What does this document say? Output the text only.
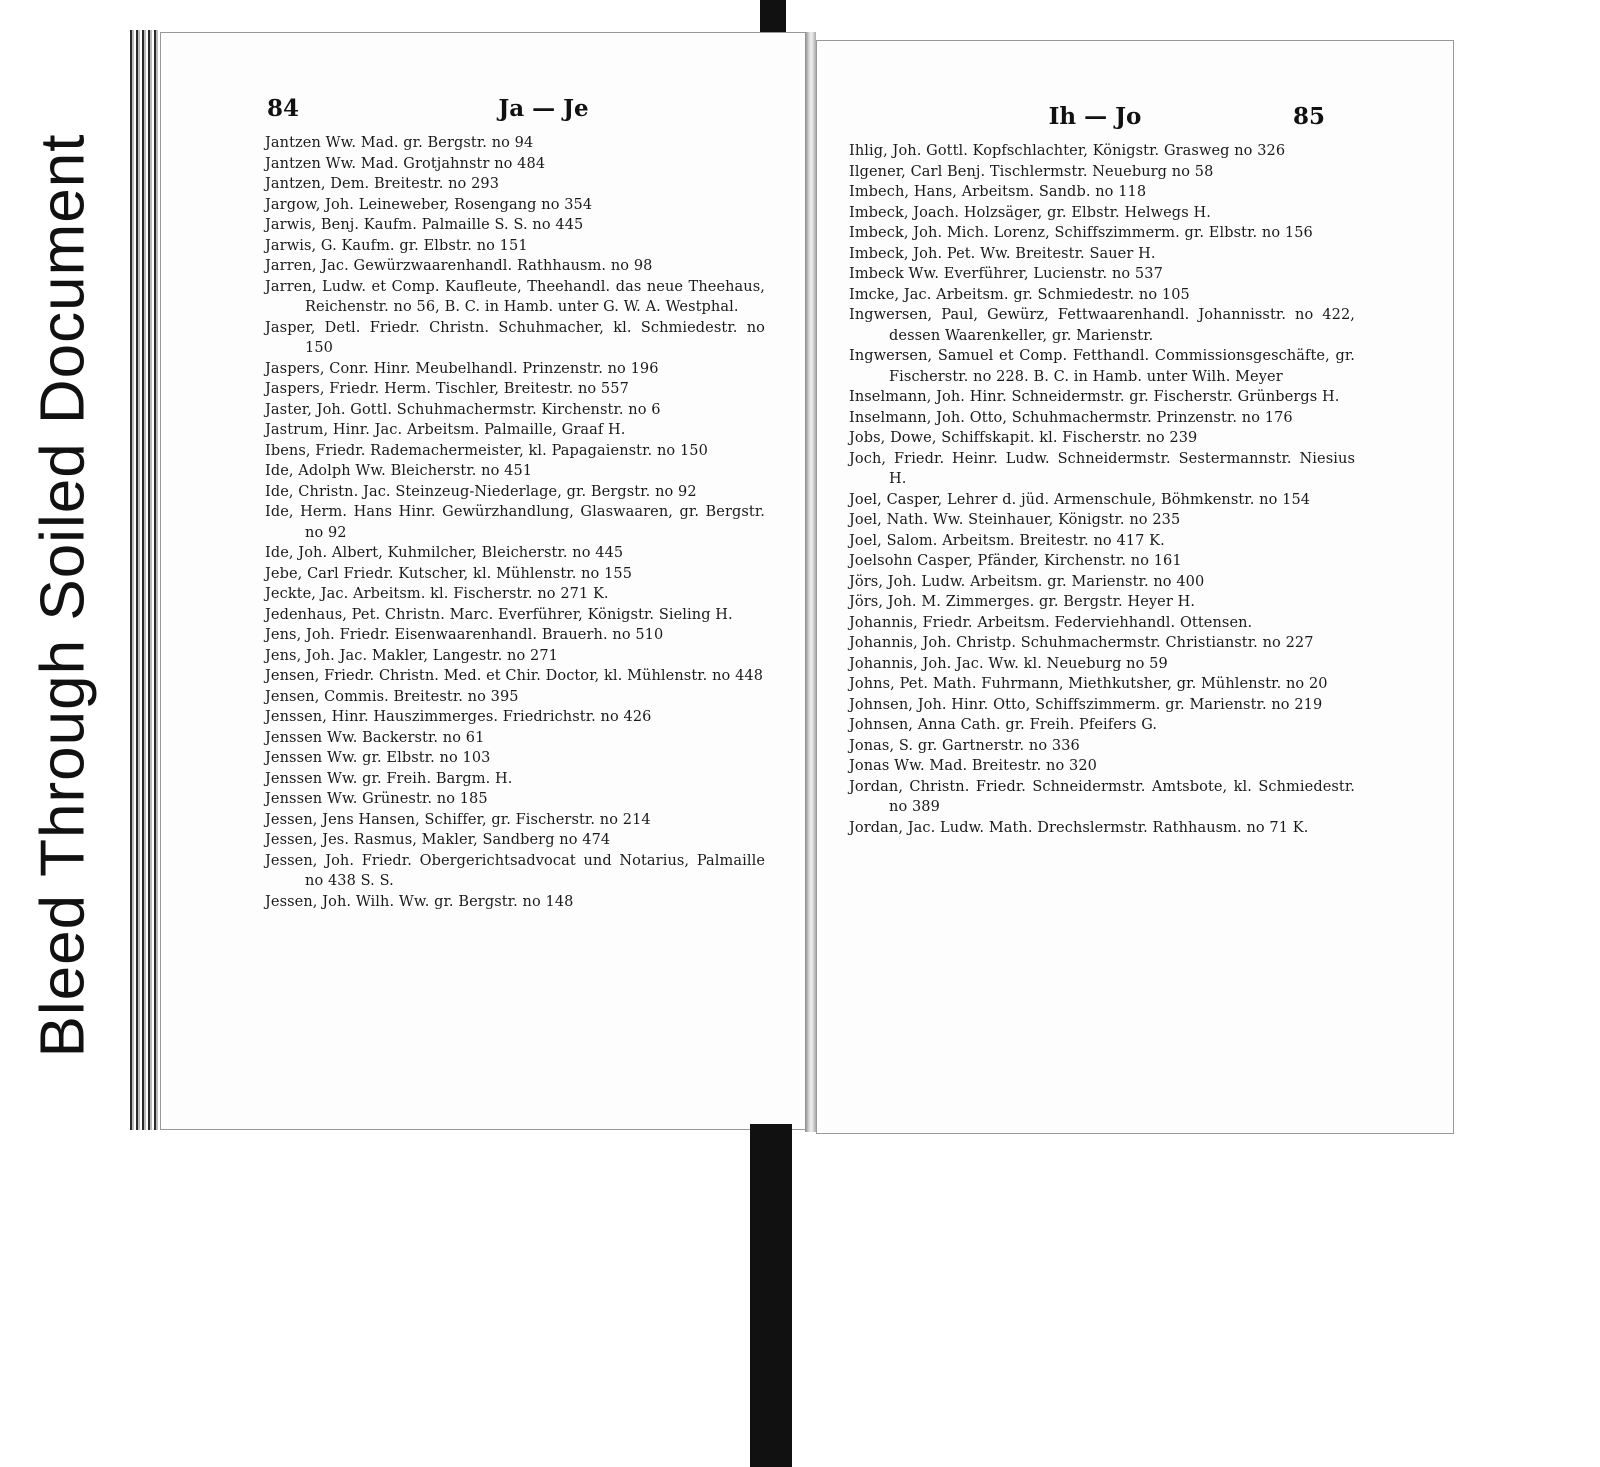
Bleed Through Soiled Document
84	Ja — Je
Jantzen Ww. Mad. gr. Bergstr. no 94
Jantzen Ww. Mad. Grotjahnstr no 484
Jantzen, Dem. Breitestr. no 293
Jargow, Joh. Leineweber, Rosengang no 354
Jarwis, Benj. Kaufm. Palmaille S. S. no 445
Jarwis, G. Kaufm. gr. Elbstr. no 151
Jarren, Jac. Gewürzwaarenhandl. Rathhausm. no 98
Jarren, Ludw. et Comp. Kaufleute, Theehandl. das neue Theehaus, Reichenstr. no 56, B. C. in Hamb. unter G. W. A. Westphal.
Jasper, Detl. Friedr. Christn. Schuhmacher, kl. Schmiedestr. no 150
Jaspers, Conr. Hinr. Meubelhandl. Prinzenstr. no 196
Jaspers, Friedr. Herm. Tischler, Breitestr. no 557
Jaster, Joh. Gottl. Schuhmachermstr. Kirchenstr. no 6
Jastrum, Hinr. Jac. Arbeitsm. Palmaille, Graaf H.
Ibens, Friedr. Rademachermeister, kl. Papagaienstr. no 150
Ide, Adolph Ww. Bleicherstr. no 451
Ide, Christn. Jac. Steinzeug-Niederlage, gr. Bergstr. no 92
Ide, Herm. Hans Hinr. Gewürzhandlung, Glaswaaren, gr. Bergstr. no 92
Ide, Joh. Albert, Kuhmilcher, Bleicherstr. no 445
Jebe, Carl Friedr. Kutscher, kl. Mühlenstr. no 155
Jeckte, Jac. Arbeitsm. kl. Fischerstr. no 271 K.
Jedenhaus, Pet. Christn. Marc. Everführer, Königstr. Sieling H.
Jens, Joh. Friedr. Eisenwaarenhandl. Brauerh. no 510
Jens, Joh. Jac. Makler, Langestr. no 271
Jensen, Friedr. Christn. Med. et Chir. Doctor, kl. Mühlenstr. no 448
Jensen, Commis. Breitestr. no 395
Jenssen, Hinr. Hauszimmerges. Friedrichstr. no 426
Jenssen Ww. Backerstr. no 61
Jenssen Ww. gr. Elbstr. no 103
Jenssen Ww. gr. Freih. Bargm. H.
Jenssen Ww. Grünestr. no 185
Jessen, Jens Hansen, Schiffer, gr. Fischerstr. no 214
Jessen, Jes. Rasmus, Makler, Sandberg no 474
Jessen, Joh. Friedr. Obergerichtsadvocat und Notarius, Palmaille no 438 S. S.
Jessen, Joh. Wilh. Ww. gr. Bergstr. no 148
Ih — Jo	85
Ihlig, Joh. Gottl. Kopfschlachter, Königstr. Grasweg no 326
Ilgener, Carl Benj. Tischlermstr. Neueburg no 58
Imbech, Hans, Arbeitsm. Sandb. no 118
Imbeck, Joach. Holzsäger, gr. Elbstr. Helwegs H.
Imbeck, Joh. Mich. Lorenz, Schiffszimmerm. gr. Elbstr. no 156
Imbeck, Joh. Pet. Ww. Breitestr. Sauer H.
Imbeck Ww. Everführer, Lucienstr. no 537
Imcke, Jac. Arbeitsm. gr. Schmiedestr. no 105
Ingwersen, Paul, Gewürz, Fettwaarenhandl. Johannisstr. no 422, dessen Waarenkeller, gr. Marienstr.
Ingwersen, Samuel et Comp. Fetthandl. Commissionsgeschäfte, gr. Fischerstr. no 228. B. C. in Hamb. unter Wilh. Meyer
Inselmann, Joh. Hinr. Schneidermstr. gr. Fischerstr. Grünbergs H.
Inselmann, Joh. Otto, Schuhmachermstr. Prinzenstr. no 176
Jobs, Dowe, Schiffskapit. kl. Fischerstr. no 239
Joch, Friedr. Heinr. Ludw. Schneidermstr. Sestermannstr. Niesius H.
Joel, Casper, Lehrer d. jüd. Armenschule, Böhmkenstr. no 154
Joel, Nath. Ww. Steinhauer, Königstr. no 235
Joel, Salom. Arbeitsm. Breitestr. no 417 K.
Joelsohn Casper, Pfänder, Kirchenstr. no 161
Jörs, Joh. Ludw. Arbeitsm. gr. Marienstr. no 400
Jörs, Joh. M. Zimmerges. gr. Bergstr. Heyer H.
Johannis, Friedr. Arbeitsm. Federviehhandl. Ottensen.
Johannis, Joh. Christp. Schuhmachermstr. Christianstr. no 227
Johannis, Joh. Jac. Ww. kl. Neueburg no 59
Johns, Pet. Math. Fuhrmann, Miethkutsher, gr. Mühlenstr. no 20
Johnsen, Joh. Hinr. Otto, Schiffszimmerm. gr. Marienstr. no 219
Johnsen, Anna Cath. gr. Freih. Pfeifers G.
Jonas, S. gr. Gartnerstr. no 336
Jonas Ww. Mad. Breitestr. no 320
Jordan, Christn. Friedr. Schneidermstr. Amtsbote, kl. Schmiedestr. no 389
Jordan, Jac. Ludw. Math. Drechslermstr. Rathhausm. no 71 K.
